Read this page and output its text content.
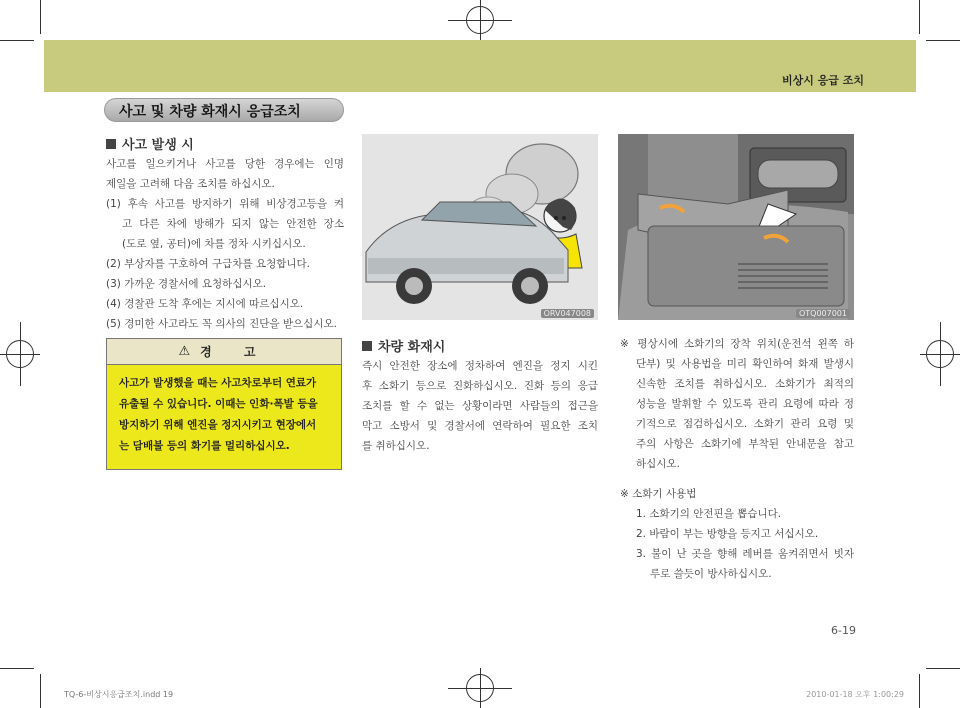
비상시 응급 조치
사고 및 차량 화재시 응급조치
사고 발생 시

사고를 일으키거나 사고를 당한 경우에는 인명

제일을 고려해 다음 조치를 하십시오.

(1) 후속 사고를 방지하기 위해 비상경고등을 켜

고 다른 차에 방해가 되지 않는 안전한 장소

(도로 옆, 공터)에 차를 정차 시키십시오.

(2) 부상자를 구호하여 구급차를 요청합니다.

(3) 가까운 경찰서에 요청하십시오.

(4) 경찰관 도착 후에는 지시에 따르십시오.

(5) 경미한 사고라도 꼭 의사의 진단을 받으십시오.

⚠ 경 고

사고가 발생했을 때는 사고차로부터 연료가

유출될 수 있습니다. 이때는 인화·폭발 등을

방지하기 위해 엔진을 정지시키고 현장에서

는 담배불 등의 화기를 멀리하십시오.

ORV047008
차량 화재시

즉시 안전한 장소에 정차하여 엔진을 정지 시킨

후 소화기 등으로 진화하십시오. 진화 등의 응급

조치를 할 수 없는 상황이라면 사람들의 접근을

막고 소방서 및 경찰서에 연락하여 필요한 조치

를 취하십시오.

OTQ007001

※ 평상시에 소화기의 장착 위치(운전석 왼쪽 하

단부) 및 사용법을 미리 확인하여 화재 발생시

신속한 조치를 취하십시오. 소화기가 최적의

성능을 발휘할 수 있도록 관리 요령에 따라 정

기적으로 점검하십시오. 소화기 관리 요령 및

주의 사항은 소화기에 부착된 안내문을 참고

하십시오.

※ 소화기 사용법

1. 소화기의 안전핀을 뽑습니다.

2. 바람이 부는 방향을 등지고 서십시오.

3. 불이 난 곳을 향해 레버를 움켜쥐면서 빗자

루로 쓸듯이 방사하십시오.

6-19
TQ-6-비상시응급조치.indd 19	2010-01-18 오후 1:00:29
